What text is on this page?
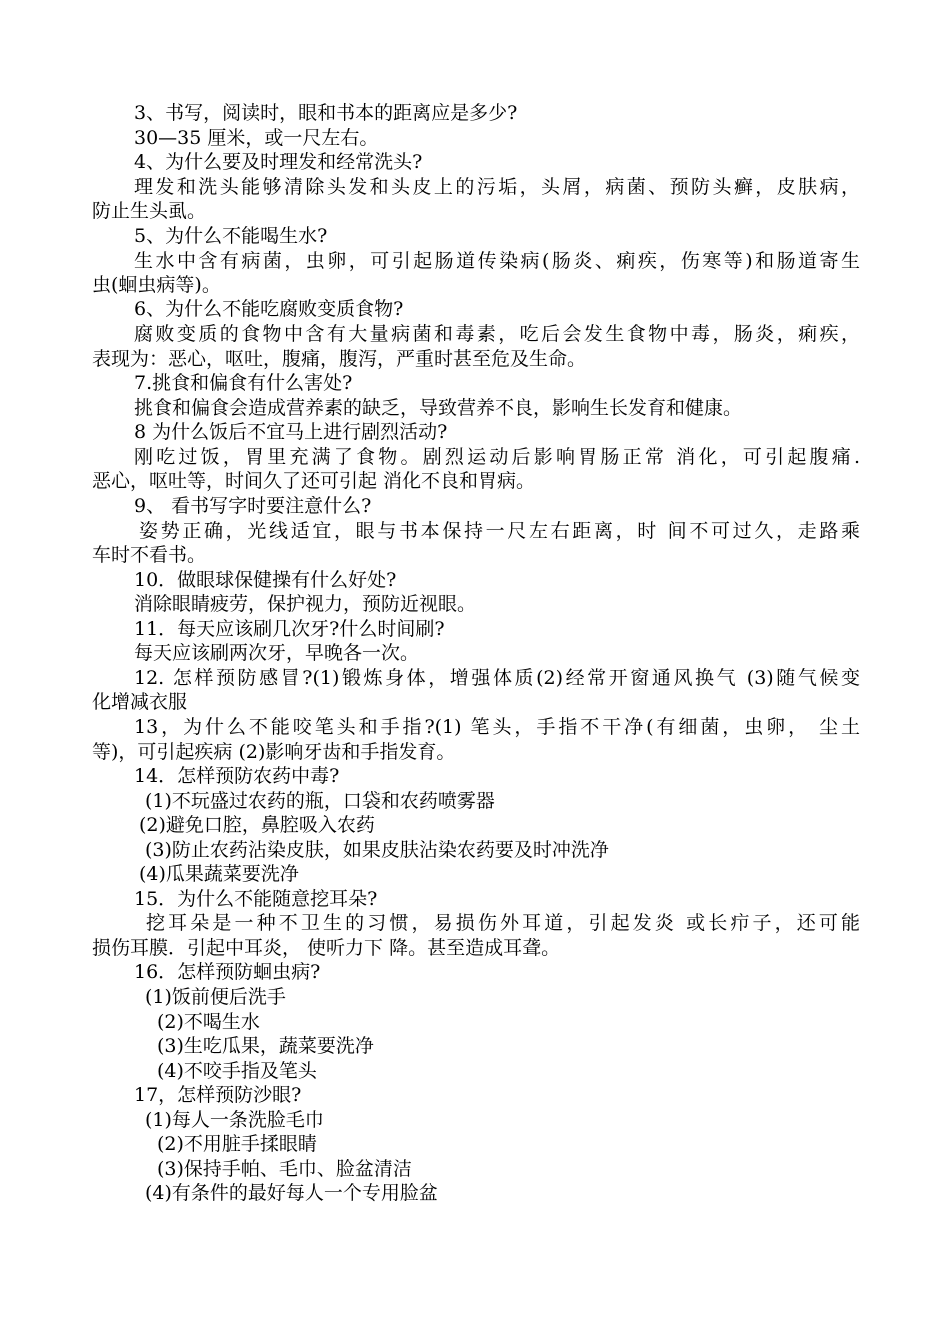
3、书写，阅读时，眼和书本的距离应是多少?
30—35 厘米，或一尺左右。
4、为什么要及时理发和经常洗头?
理发和洗头能够清除头发和头皮上的污垢，头屑，病菌、预防头癣，皮肤病，
防止生头虱。
5、为什么不能喝生水?
生水中含有病菌，虫卵，可引起肠道传染病(肠炎、痢疾，伤寒等)和肠道寄生
虫(蛔虫病等)。
6、为什么不能吃腐败变质食物?
腐败变质的食物中含有大量病菌和毒素，吃后会发生食物中毒，肠炎，痢疾，
表现为：恶心，呕吐，腹痛，腹泻，严重时甚至危及生命。
7.挑食和偏食有什么害处?
挑食和偏食会造成营养素的缺乏，导致营养不良，影响生长发育和健康。
8 为什么饭后不宜马上进行剧烈活动?
刚吃过饭，胃里充满了食物。剧烈运动后影响胃肠正常 消化，可引起腹痛.
恶心，呕吐等，时间久了还可引起 消化不良和胃病。
9、 看书写字时要注意什么?
姿势正确，光线适宜，眼与书本保持一尺左右距离，时 间不可过久，走路乘
车时不看书。
10．做眼球保健操有什么好处?
消除眼睛疲劳，保护视力，预防近视眼。
11．每天应该刷几次牙?什么时间刷?
每天应该刷两次牙，早晚各一次。
12. 怎样预防感冒?(1)锻炼身体，增强体质(2)经常开窗通风换气 (3)随气候变
化增减衣服
13，为什么不能咬笔头和手指?(1) 笔头，手指不干净(有细菌，虫卵， 尘土
等)，可引起疾病 (2)影响牙齿和手指发育。
14．怎样预防农药中毒?
(1)不玩盛过农药的瓶，口袋和农药喷雾器
(2)避免口腔，鼻腔吸入农药
(3)防止农药沾染皮肤，如果皮肤沾染农药要及时冲洗净
(4)瓜果蔬菜要洗净
15．为什么不能随意挖耳朵?
挖耳朵是一种不卫生的习惯，易损伤外耳道，引起发炎 或长疖子，还可能
损伤耳膜．引起中耳炎， 使听力下 降。甚至造成耳聋。
16．怎样预防蛔虫病?
(1)饭前便后洗手
(2)不喝生水
(3)生吃瓜果，蔬菜要洗净
(4)不咬手指及笔头
17，怎样预防沙眼?
(1)每人一条洗脸毛巾
(2)不用脏手揉眼睛
(3)保持手帕、毛巾、脸盆清洁
(4)有条件的最好每人一个专用脸盆
